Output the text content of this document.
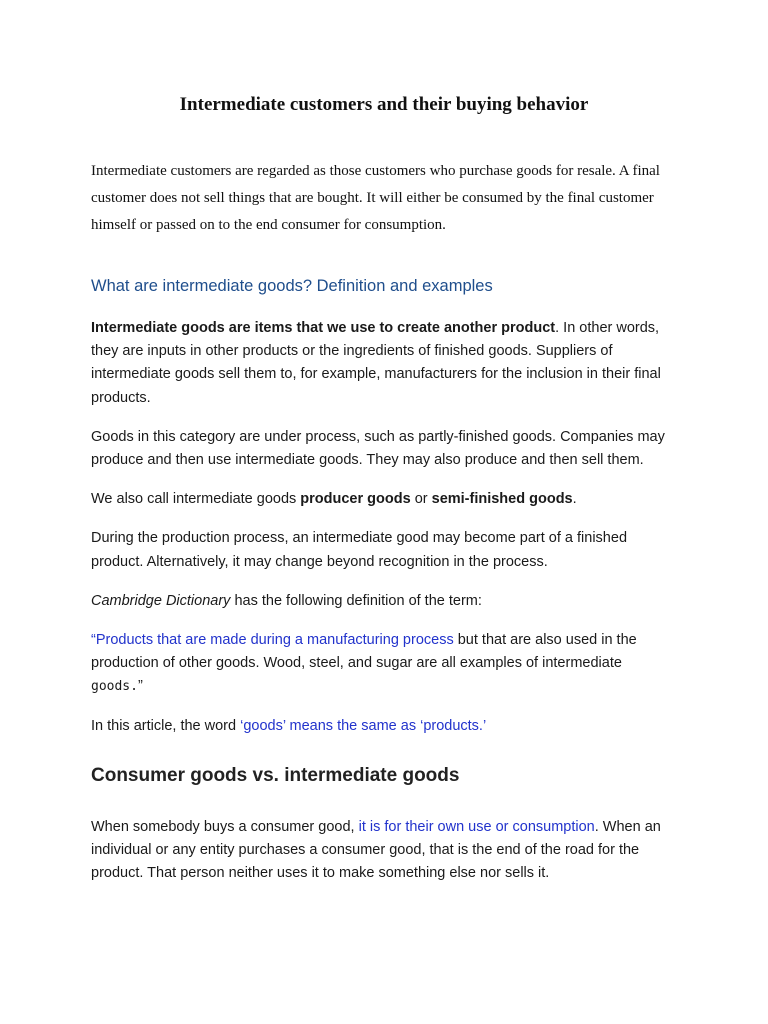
Intermediate customers and their buying behavior

Intermediate customers are regarded as those customers who purchase goods for resale. A final customer does not sell things that are bought. It will either be consumed by the final customer himself or passed on to the end consumer for consumption.

What are intermediate goods? Definition and examples

Intermediate goods are items that we use to create another product. In other words, they are inputs in other products or the ingredients of finished goods. Suppliers of intermediate goods sell them to, for example, manufacturers for the inclusion in their final products.

Goods in this category are under process, such as partly-finished goods. Companies may produce and then use intermediate goods. They may also produce and then sell them.

We also call intermediate goods producer goods or semi-finished goods.

During the production process, an intermediate good may become part of a finished product. Alternatively, it may change beyond recognition in the process.

Cambridge Dictionary has the following definition of the term:

“Products that are made during a manufacturing process but that are also used in the production of other goods. Wood, steel, and sugar are all examples of intermediate goods.”

In this article, the word ‘goods’ means the same as ‘products.’

Consumer goods vs. intermediate goods

When somebody buys a consumer good, it is for their own use or consumption. When an individual or any entity purchases a consumer good, that is the end of the road for the product. That person neither uses it to make something else nor sells it.
